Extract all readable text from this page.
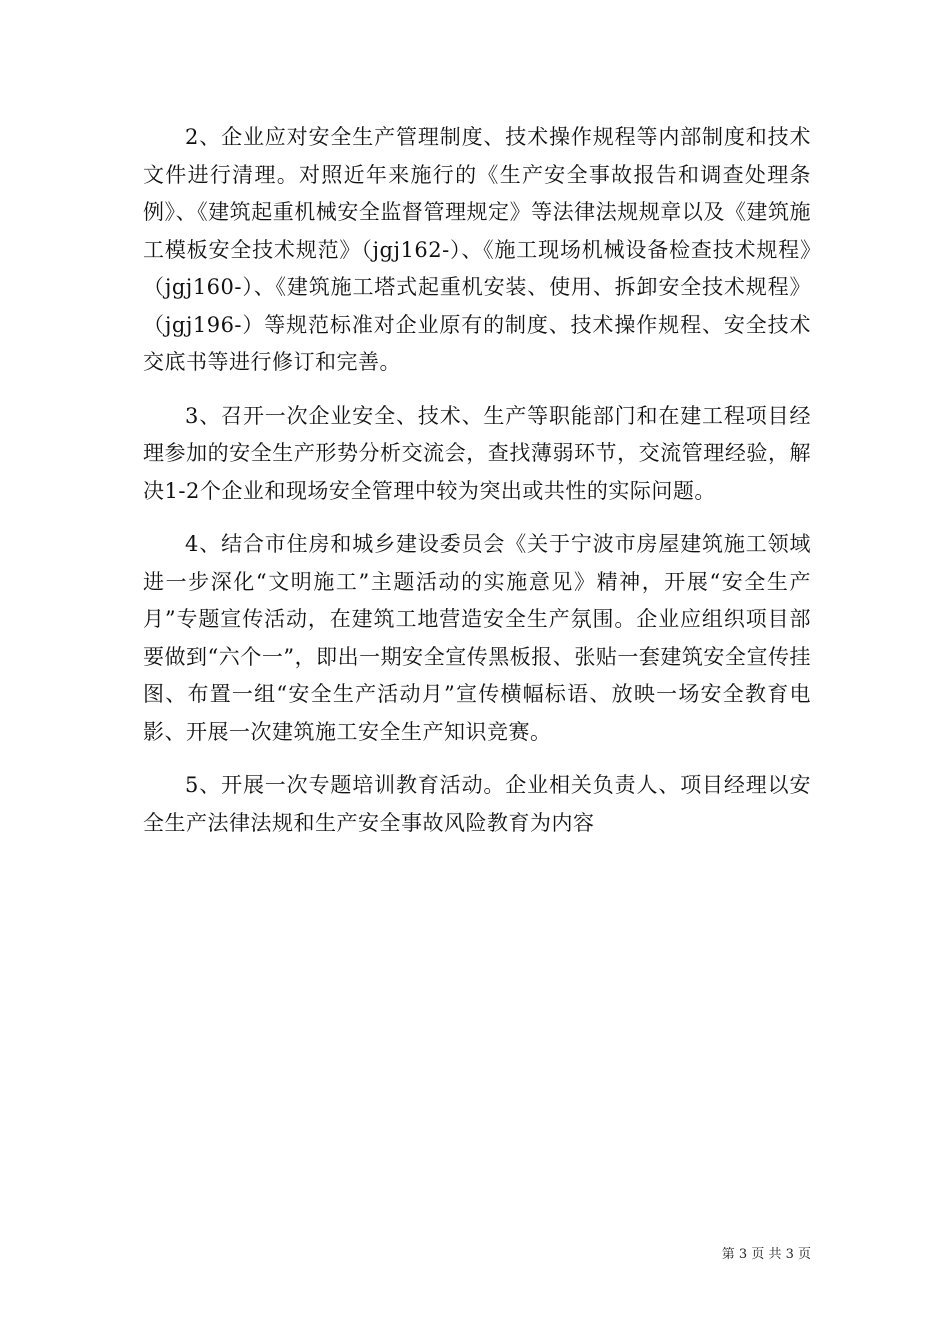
2、企业应对安全生产管理制度、技术操作规程等内部制度和技术文件进行清理。对照近年来施行的《生产安全事故报告和调查处理条例》、《建筑起重机械安全监督管理规定》等法律法规规章以及《建筑施工模板安全技术规范》（jgj162-）、《施工现场机械设备检查技术规程》（jgj160-）、《建筑施工塔式起重机安装、使用、拆卸安全技术规程》（jgj196-）等规范标准对企业原有的制度、技术操作规程、安全技术交底书等进行修订和完善。

3、召开一次企业安全、技术、生产等职能部门和在建工程项目经理参加的安全生产形势分析交流会，查找薄弱环节，交流管理经验，解决1-2个企业和现场安全管理中较为突出或共性的实际问题。

4、结合市住房和城乡建设委员会《关于宁波市房屋建筑施工领域进一步深化“文明施工”主题活动的实施意见》精神，开展“安全生产月”专题宣传活动，在建筑工地营造安全生产氛围。企业应组织项目部要做到“六个一”，即出一期安全宣传黑板报、张贴一套建筑安全宣传挂图、布置一组“安全生产活动月”宣传横幅标语、放映一场安全教育电影、开展一次建筑施工安全生产知识竞赛。

5、开展一次专题培训教育活动。企业相关负责人、项目经理以安全生产法律法规和生产安全事故风险教育为内容

第 3 页 共 3 页
